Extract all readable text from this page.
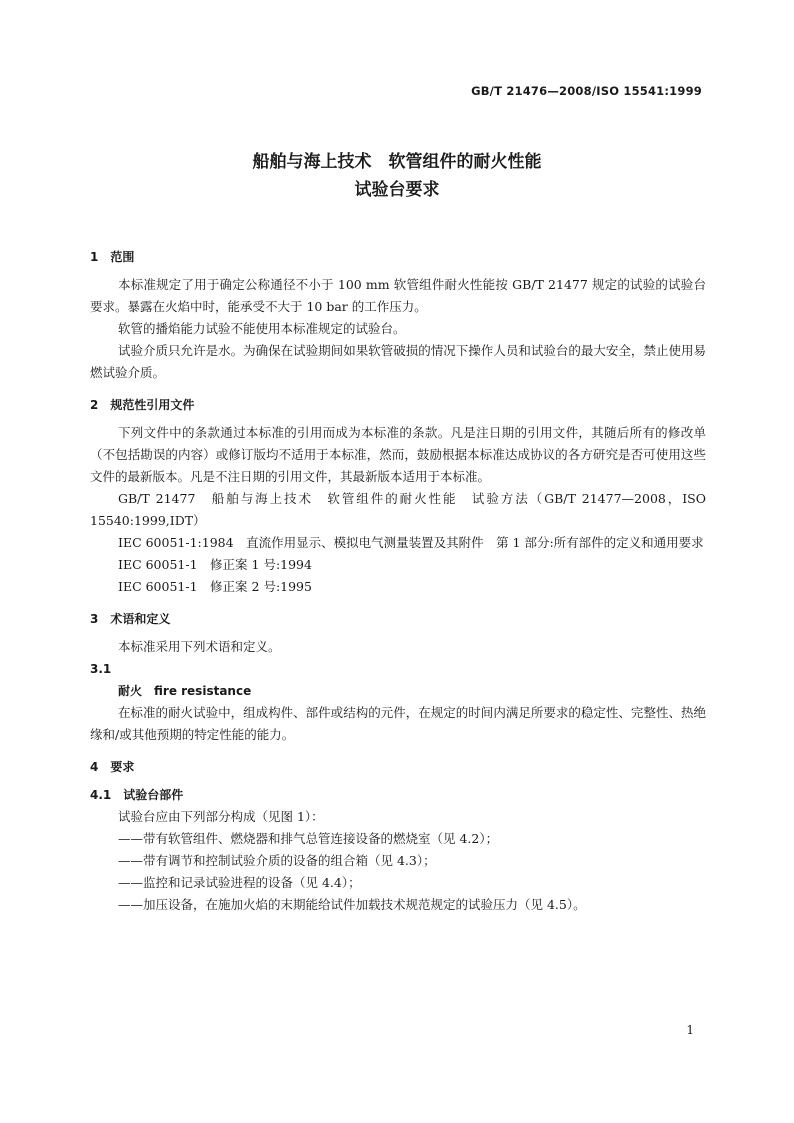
GB/T 21476—2008/ISO 15541:1999
船舶与海上技术　软管组件的耐火性能
试验台要求
1　范围

本标准规定了用于确定公称通径不小于 100 mm 软管组件耐火性能按 GB/T 21477 规定的试验的试验台要求。暴露在火焰中时，能承受不大于 10 bar 的工作压力。

软管的播焰能力试验不能使用本标准规定的试验台。

试验介质只允许是水。为确保在试验期间如果软管破损的情况下操作人员和试验台的最大安全，禁止使用易燃试验介质。

2　规范性引用文件

下列文件中的条款通过本标准的引用而成为本标准的条款。凡是注日期的引用文件，其随后所有的修改单（不包括勘误的内容）或修订版均不适用于本标准，然而，鼓励根据本标准达成协议的各方研究是否可使用这些文件的最新版本。凡是不注日期的引用文件，其最新版本适用于本标准。

GB/T 21477　船舶与海上技术　软管组件的耐火性能　试验方法（GB/T 21477—2008，ISO 15540:1999,IDT）

IEC 60051-1:1984　直流作用显示、模拟电气测量装置及其附件　第 1 部分:所有部件的定义和通用要求

IEC 60051-1　修正案 1 号:1994

IEC 60051-1　修正案 2 号:1995

3　术语和定义

本标准采用下列术语和定义。

3.1
耐火　fire resistance

在标准的耐火试验中，组成构件、部件或结构的元件，在规定的时间内满足所要求的稳定性、完整性、热绝缘和/或其他预期的特定性能的能力。

4　要求
4.1　试验台部件

试验台应由下列部分构成（见图 1）：

——带有软管组件、燃烧器和排气总管连接设备的燃烧室（见 4.2）；

——带有调节和控制试验介质的设备的组合箱（见 4.3）；

——监控和记录试验进程的设备（见 4.4）；

——加压设备，在施加火焰的末期能给试件加载技术规范规定的试验压力（见 4.5）。

1
